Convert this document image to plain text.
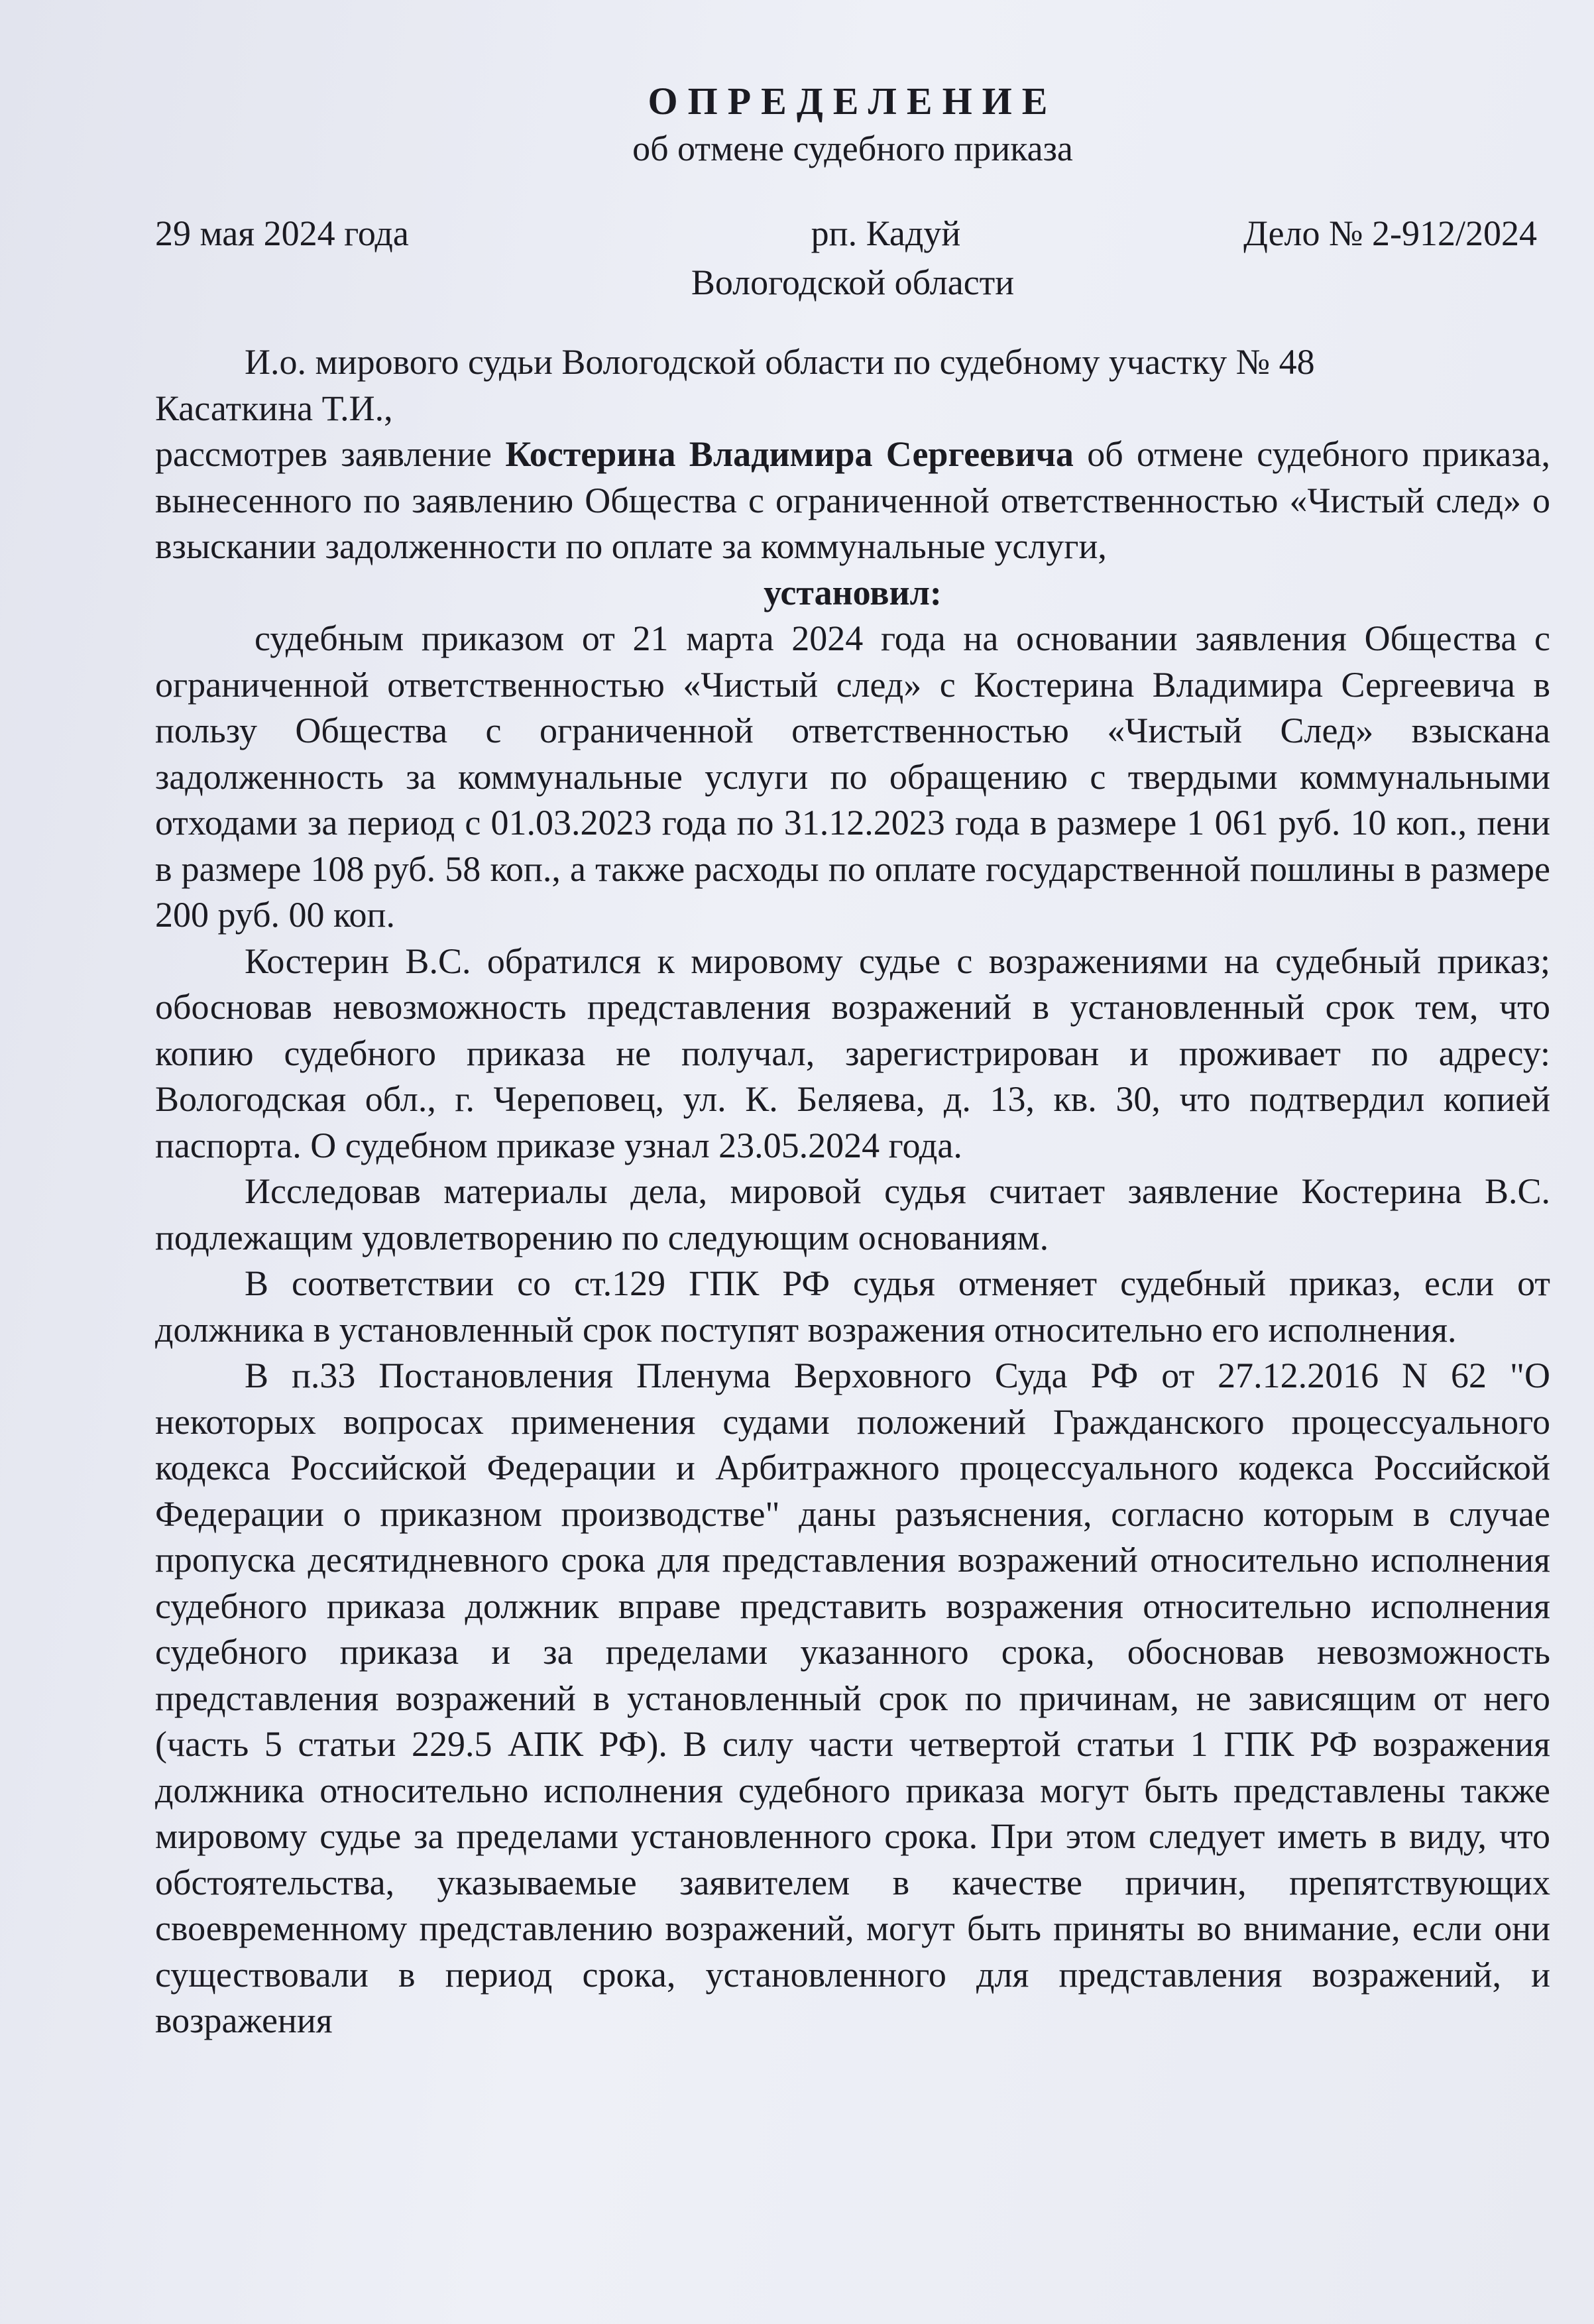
ОПРЕДЕЛЕНИЕ
об отмене судебного приказа
29 мая 2024 года	рп. Кадуй	Дело № 2-912/2024
Вологодской области

И.о. мирового судьи Вологодской области по судебному участку № 48

Касаткина Т.И.,

рассмотрев заявление Костерина Владимира Сергеевича об отмене судебного приказа, вынесенного по заявлению Общества с ограниченной ответственностью «Чистый след» о взыскании задолженности по оплате за коммунальные услуги,

установил:

судебным приказом от 21 марта 2024 года на основании заявления Общества с ограниченной ответственностью «Чистый след» с Костерина Владимира Сергеевича в пользу Общества с ограниченной ответственностью «Чистый След» взыскана задолженность за коммунальные услуги по обращению с твердыми коммунальными отходами за период с 01.03.2023 года по 31.12.2023 года в размере 1 061 руб. 10 коп., пени в размере 108 руб. 58 коп., а также расходы по оплате государственной пошлины в размере 200 руб. 00 коп.

Костерин В.С. обратился к мировому судье с возражениями на судебный приказ; обосновав невозможность представления возражений в установленный срок тем, что копию судебного приказа не получал, зарегистрирован и проживает по адресу: Вологодская обл., г. Череповец, ул. К. Беляева, д. 13, кв. 30, что подтвердил копией паспорта. О судебном приказе узнал 23.05.2024 года.

Исследовав материалы дела, мировой судья считает заявление Костерина В.С. подлежащим удовлетворению по следующим основаниям.

В соответствии со ст.129 ГПК РФ судья отменяет судебный приказ, если от должника в установленный срок поступят возражения относительно его исполнения.

В п.33 Постановления Пленума Верховного Суда РФ от 27.12.2016 N 62 "О некоторых вопросах применения судами положений Гражданского процессуального кодекса Российской Федерации и Арбитражного процессуального кодекса Российской Федерации о приказном производстве" даны разъяснения, согласно которым в случае пропуска десятидневного срока для представления возражений относительно исполнения судебного приказа должник вправе представить возражения относительно исполнения судебного приказа и за пределами указанного срока, обосновав невозможность представления возражений в установленный срок по причинам, не зависящим от него (часть 5 статьи 229.5 АПК РФ). В силу части четвертой статьи 1 ГПК РФ возражения должника относительно исполнения судебного приказа могут быть представлены также мировому судье за пределами установленного срока. При этом следует иметь в виду, что обстоятельства, указываемые заявителем в качестве причин, препятствующих своевременному представлению возражений, могут быть приняты во внимание, если они существовали в период срока, установленного для представления возражений, и возражения
